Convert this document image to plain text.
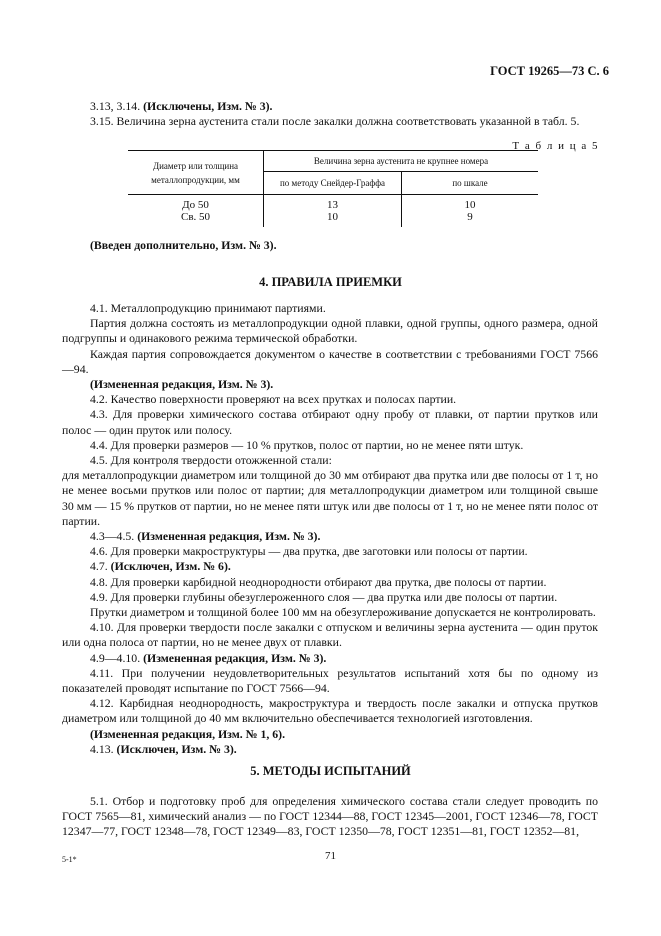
ГОСТ 19265—73 С. 6

3.13, 3.14. (Исключены, Изм. № 3).

3.15. Величина зерна аустенита стали после закалки должна соответствовать указанной в табл. 5.

Т а б л и ц а 5
Диаметр или толщина металлопродукции, мм	Величина зерна аустенита не крупнее номера	
	по методу Снейдер-Граффа	по шкале

До 50	13	10
Св. 50	10	9

(Введен дополнительно, Изм. № 3).

4. ПРАВИЛА ПРИЕМКИ

4.1. Металлопродукцию принимают партиями.

Партия должна состоять из металлопродукции одной плавки, одной группы, одного размера, одной подгруппы и одинакового режима термической обработки.

Каждая партия сопровождается документом о качестве в соответствии с требованиями ГОСТ 7566—94.

(Измененная редакция, Изм. № 3).

4.2. Качество поверхности проверяют на всех прутках и полосах партии.

4.3. Для проверки химического состава отбирают одну пробу от плавки, от партии прутков или полос — один пруток или полосу.

4.4. Для проверки размеров — 10 % прутков, полос от партии, но не менее пяти штук.

4.5. Для контроля твердости отожженной стали:

для металлопродукции диаметром или толщиной до 30 мм отбирают два прутка или две полосы от 1 т, но не менее восьми прутков или полос от партии; для металлопродукции диаметром или толщиной свыше 30 мм — 15 % прутков от партии, но не менее пяти штук или две полосы от 1 т, но не менее пяти полос от партии.

4.3—4.5. (Измененная редакция, Изм. № 3).

4.6. Для проверки макроструктуры — два прутка, две заготовки или полосы от партии.

4.7. (Исключен, Изм. № 6).

4.8. Для проверки карбидной неоднородности отбирают два прутка, две полосы от партии.

4.9. Для проверки глубины обезуглероженного слоя — два прутка или две полосы от партии.

Прутки диаметром и толщиной более 100 мм на обезуглероживание допускается не контролировать.

4.10. Для проверки твердости после закалки с отпуском и величины зерна аустенита — один пруток или одна полоса от партии, но не менее двух от плавки.

4.9—4.10. (Измененная редакция, Изм. № 3).

4.11. При получении неудовлетворительных результатов испытаний хотя бы по одному из показателей проводят испытание по ГОСТ 7566—94.

4.12. Карбидная неоднородность, макроструктура и твердость после закалки и отпуска прутков диаметром или толщиной до 40 мм включительно обеспечивается технологией изготовления.

(Измененная редакция, Изм. № 1, 6).

4.13. (Исключен, Изм. № 3).

5. МЕТОДЫ ИСПЫТАНИЙ

5.1. Отбор и подготовку проб для определения химического состава стали следует проводить по ГОСТ 7565—81, химический анализ — по ГОСТ 12344—88, ГОСТ 12345—2001, ГОСТ 12346—78, ГОСТ 12347—77, ГОСТ 12348—78, ГОСТ 12349—83, ГОСТ 12350—78, ГОСТ 12351—81, ГОСТ 12352—81,

5-1*	71
